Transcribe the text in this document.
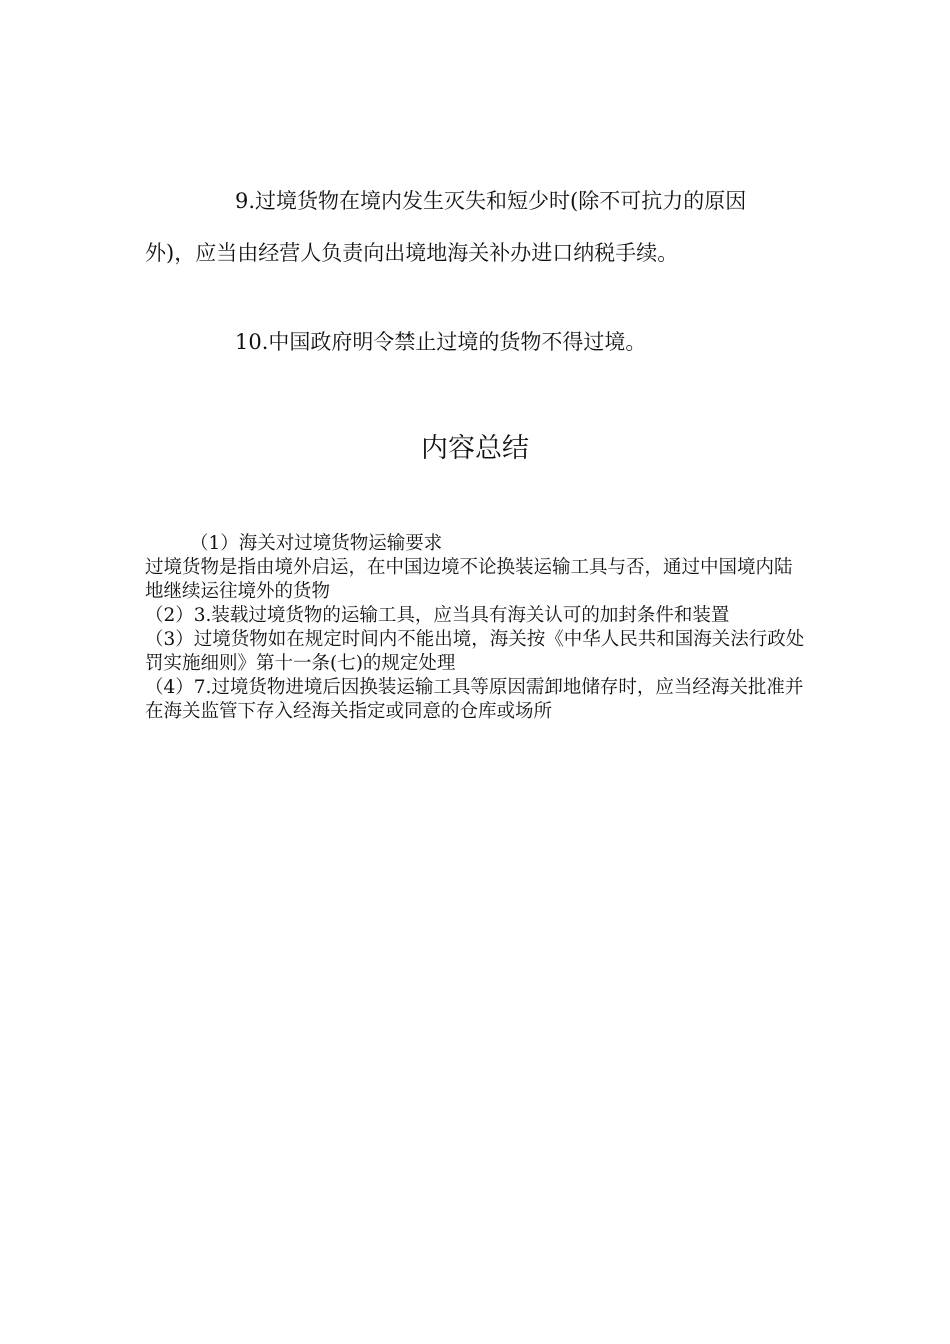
9.过境货物在境内发生灭失和短少时(除不可抗力的原因外)，应当由经营人负责向出境地海关补办进口纳税手续。

10.中国政府明令禁止过境的货物不得过境。

内容总结

（1）海关对过境货物运输要求

过境货物是指由境外启运，在中国边境不论换装运输工具与否，通过中国境内陆地继续运往境外的货物

（2）3.装载过境货物的运输工具，应当具有海关认可的加封条件和装置

（3）过境货物如在规定时间内不能出境，海关按《中华人民共和国海关法行政处罚实施细则》第十一条(七)的规定处理

（4）7.过境货物进境后因换装运输工具等原因需卸地储存时，应当经海关批准并在海关监管下存入经海关指定或同意的仓库或场所
